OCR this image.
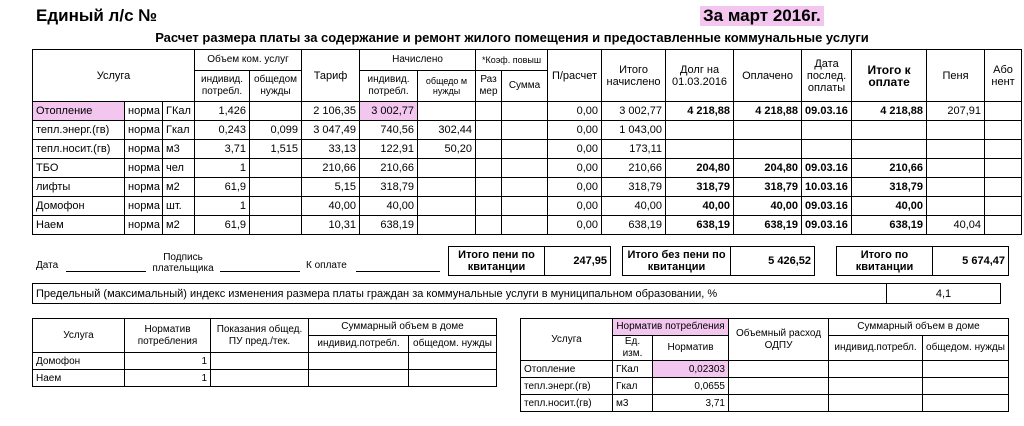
Единый л/с №	За март 2016г.
Расчет размера платы за содержание и ремонт жилого помещения и предоставленные коммунальные услуги
Услуга			Объем ком. услуг		Тариф	Начислено		*Коэф. повыш		П/расчет	Итого начислено	Долг на 01.03.2016	Оплачено	Дата послед. оплаты	Итого к оплате	Пеня	Або нент
			индивид. потребл.	общедом нужды		индивид. потребл.	общедо м нужды	Раз мер	Сумма								
Отопление	норма	ГКал	1,426		2 106,35	3 002,77				0,00	3 002,77	4 218,88	4 218,88	09.03.16	4 218,88	207,91	
тепл.энерг.(гв)	норма	Гкал	0,243	0,099	3 047,49	740,56	302,44			0,00	1 043,00						
тепл.носит.(гв)	норма	м3	3,71	1,515	33,13	122,91	50,20			0,00	173,11						
ТБО	норма	чел	1		210,66	210,66				0,00	210,66	204,80	204,80	09.03.16	210,66		
лифты	норма	м2	61,9		5,15	318,79				0,00	318,79	318,79	318,79	10.03.16	318,79		
Домофон	норма	шт.	1		40,00	40,00				0,00	40,00	40,00	40,00	09.03.16	40,00		
Наем	норма	м2	61,9		10,31	638,19				0,00	638,19	638,19	638,19	09.03.16	638,19	40,04	
Дата
Подпись плательщика	К оплате
Итого пени по квитанции	247,95		Итого без пени по квитанции	5 426,52		Итого по квитанции	5 674,47
Предельный (максимальный) индекс изменения размера платы граждан за коммунальные услуги в муниципальном образовании, %	4,1
Услуга	Норматив потребления	Показания общед. ПУ пред./тек.	Суммарный объем в доме	
			индивид.потребл.	общедом. нужды
Домофон	1			
Наем	1			
Услуга	Норматив потребления		Объемный расход ОДПУ	Суммарный объем в доме	
	Ед. изм.	Норматив		индивид.потребл.	общедом. нужды
Отопление	ГКал	0,02303			
тепл.энерг.(гв)	Гкал	0,0655			
тепл.носит.(гв)	м3	3,71			
